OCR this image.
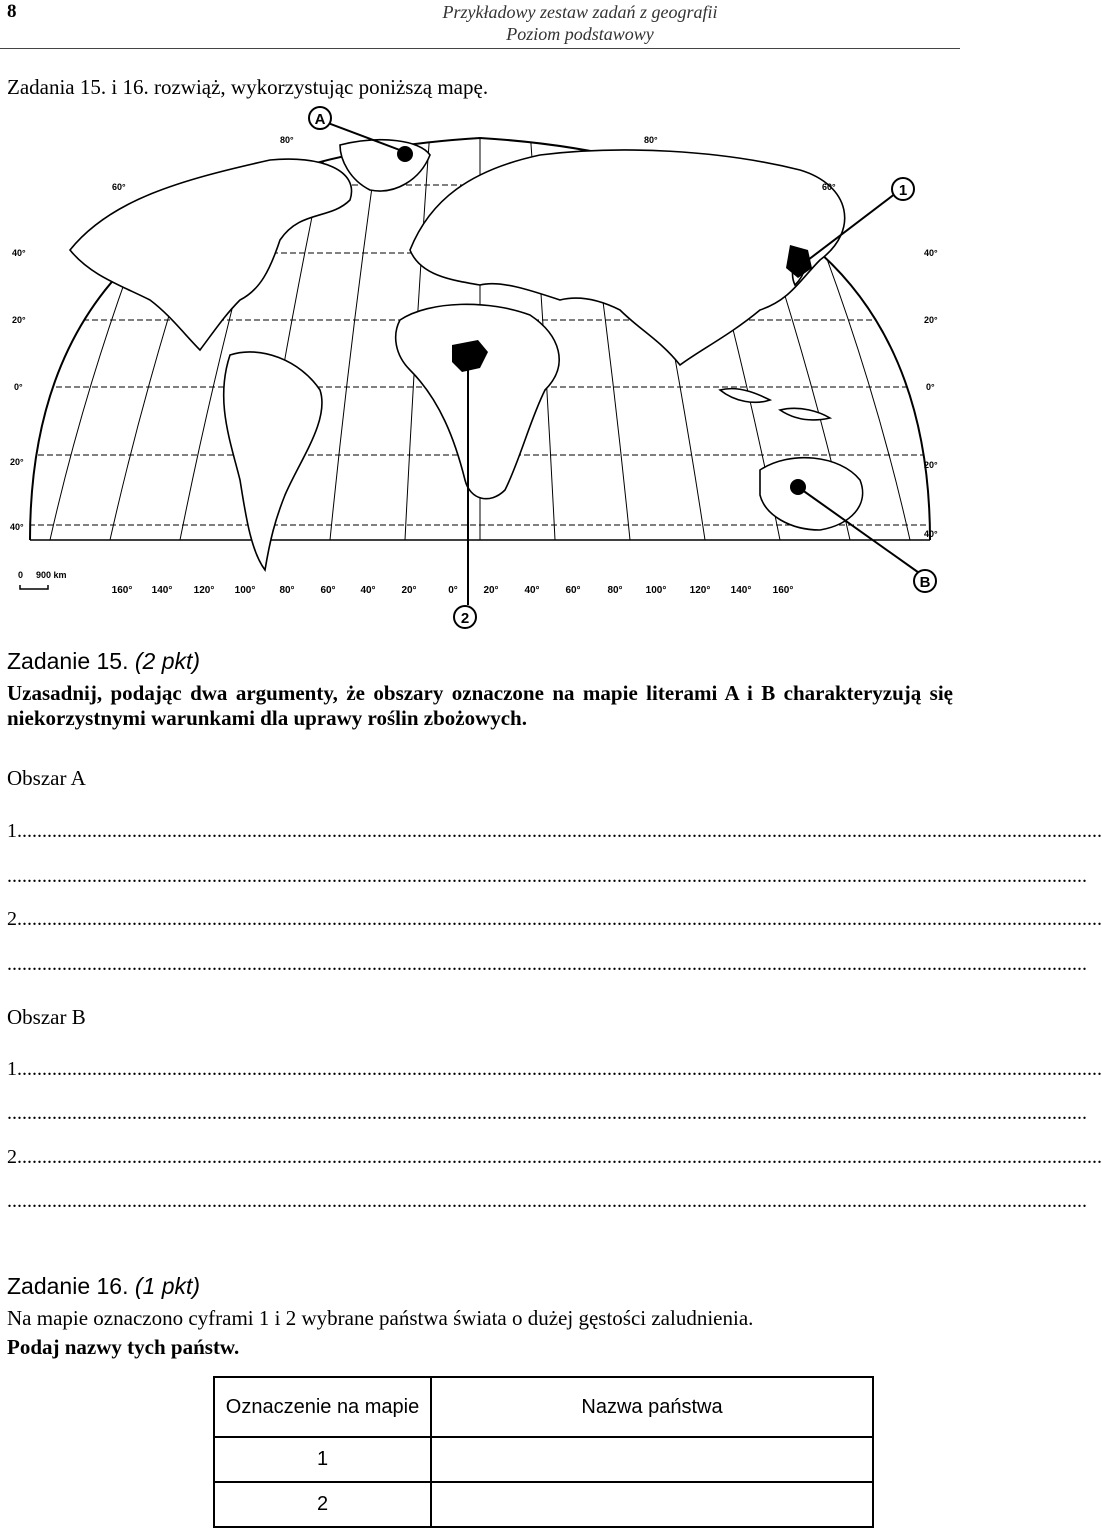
8	Przykładowy zestaw zadań z geografii
Poziom podstawowy
Zadania 15. i 16. rozwiąż, wykorzystując poniższą mapę.
A
1
2
B
80°
60°
40°
20°
0°
20°
40°
80°
60°
40°
20°
0°
20°
40°
160° 140° 120° 100° 80°	60° 40°	20°	0°	20°	40°	60°	80° 100° 120° 140° 160°
0 900 km
Zadanie 15. (2 pkt)
Uzasadnij, podając dwa argumenty, że obszary oznaczone na mapie literami A i B charakteryzują się niekorzystnymi warunkami dla uprawy roślin zbożowych.
Obszar A
1.........................................................................................................................................................................................................................
........................................................................................................................................................................................................................
2.........................................................................................................................................................................................................................
........................................................................................................................................................................................................................
Obszar B
1.........................................................................................................................................................................................................................
........................................................................................................................................................................................................................
2.........................................................................................................................................................................................................................
........................................................................................................................................................................................................................
Zadanie 16. (1 pkt)
Na mapie oznaczono cyframi 1 i 2 wybrane państwa świata o dużej gęstości zaludnienia.
Podaj nazwy tych państw.
Oznaczenie na mapie	Nazwa państwa
1	
2	
